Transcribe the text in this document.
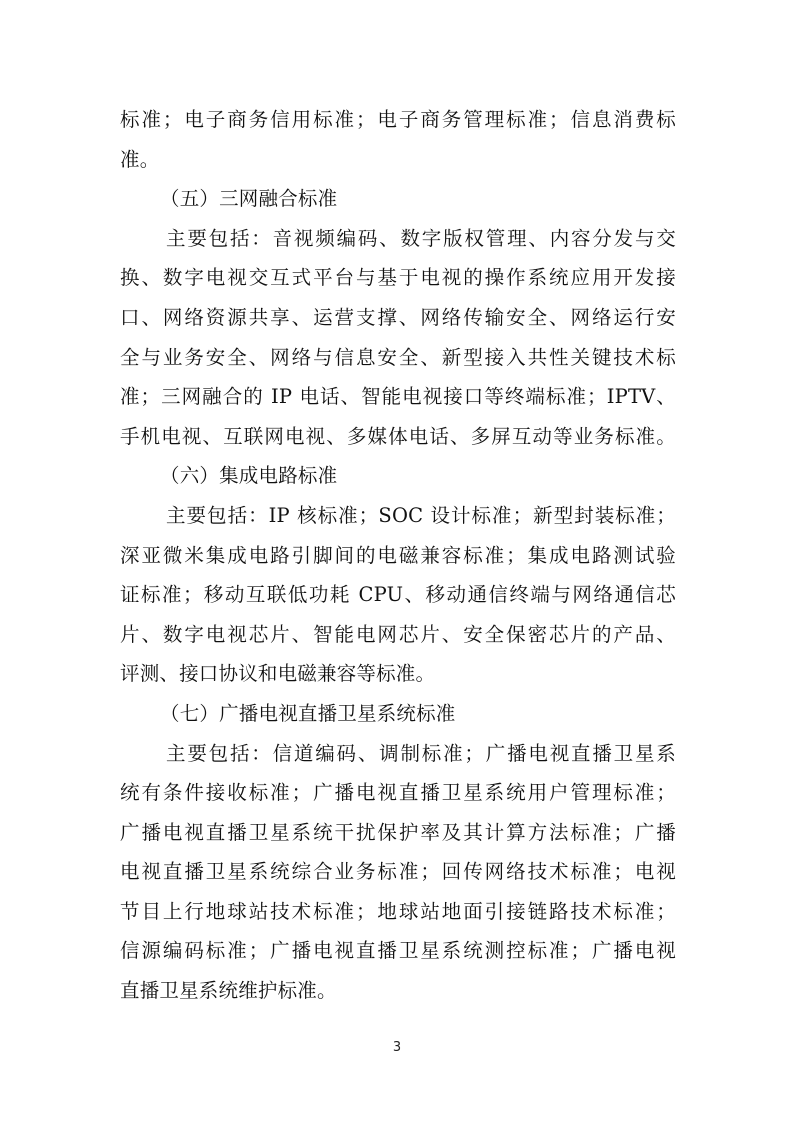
标准；电子商务信用标准；电子商务管理标准；信息消费标
准。
（五）三网融合标准
主要包括：音视频编码、数字版权管理、内容分发与交
换、数字电视交互式平台与基于电视的操作系统应用开发接
口、网络资源共享、运营支撑、网络传输安全、网络运行安
全与业务安全、网络与信息安全、新型接入共性关键技术标
准；三网融合的 IP 电话、智能电视接口等终端标准；IPTV、
手机电视、互联网电视、多媒体电话、多屏互动等业务标准。
（六）集成电路标准
主要包括：IP 核标准；SOC 设计标准；新型封装标准；
深亚微米集成电路引脚间的电磁兼容标准；集成电路测试验
证标准；移动互联低功耗 CPU、移动通信终端与网络通信芯
片、数字电视芯片、智能电网芯片、安全保密芯片的产品、
评测、接口协议和电磁兼容等标准。
（七）广播电视直播卫星系统标准
主要包括：信道编码、调制标准；广播电视直播卫星系
统有条件接收标准；广播电视直播卫星系统用户管理标准；
广播电视直播卫星系统干扰保护率及其计算方法标准；广播
电视直播卫星系统综合业务标准；回传网络技术标准；电视
节目上行地球站技术标准；地球站地面引接链路技术标准；
信源编码标准；广播电视直播卫星系统测控标准；广播电视
直播卫星系统维护标准。
3
